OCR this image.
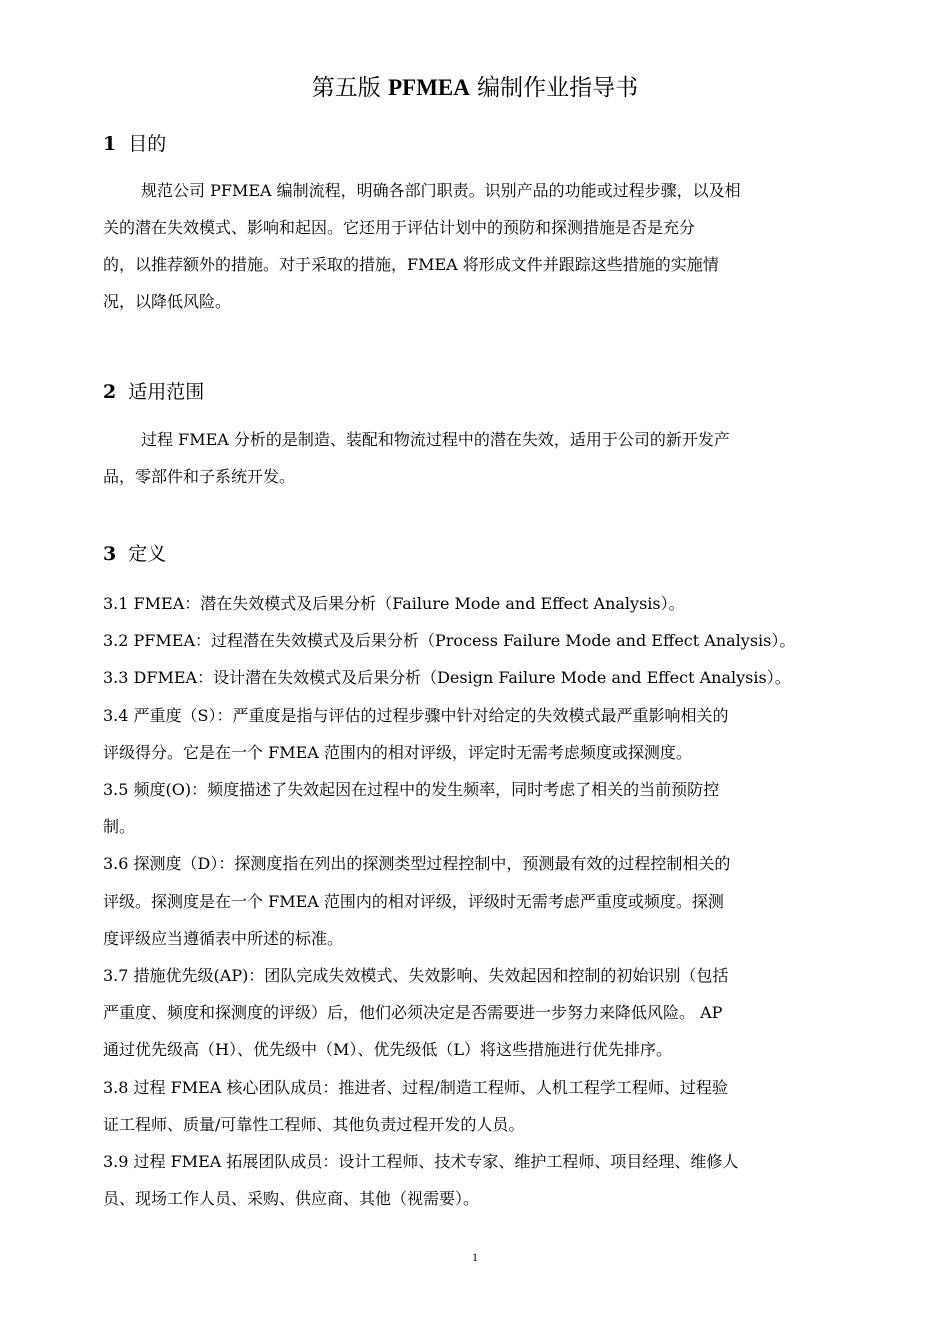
第五版 PFMEA 编制作业指导书
1 目的
规范公司 PFMEA 编制流程，明确各部门职责。识别产品的功能或过程步骤，以及相
关的潜在失效模式、影响和起因。它还用于评估计划中的预防和探测措施是否是充分
的，以推荐额外的措施。对于采取的措施，FMEA 将形成文件并跟踪这些措施的实施情
况，以降低风险。
2 适用范围
过程 FMEA 分析的是制造、装配和物流过程中的潜在失效，适用于公司的新开发产
品，零部件和子系统开发。
3 定义
3.1 FMEA：潜在失效模式及后果分析（Failure Mode and Effect Analysis）。
3.2 PFMEA：过程潜在失效模式及后果分析（Process Failure Mode and Effect Analysis）。
3.3 DFMEA：设计潜在失效模式及后果分析（Design Failure Mode and Effect Analysis）。
3.4 严重度（S）：严重度是指与评估的过程步骤中针对给定的失效模式最严重影响相关的
评级得分。它是在一个 FMEA 范围内的相对评级，评定时无需考虑频度或探测度。
3.5 频度(O)：频度描述了失效起因在过程中的发生频率，同时考虑了相关的当前预防控
制。
3.6 探测度（D）：探测度指在列出的探测类型过程控制中，预测最有效的过程控制相关的
评级。探测度是在一个 FMEA 范围内的相对评级，评级时无需考虑严重度或频度。探测
度评级应当遵循表中所述的标准。
3.7 措施优先级(AP)：团队完成失效模式、失效影响、失效起因和控制的初始识别（包括
严重度、频度和探测度的评级）后，他们必须决定是否需要进一步努力来降低风险。 AP
通过优先级高（H）、优先级中（M）、优先级低（L）将这些措施进行优先排序。
3.8 过程 FMEA 核心团队成员：推进者、过程/制造工程师、人机工程学工程师、过程验
证工程师、质量/可靠性工程师、其他负责过程开发的人员。
3.9 过程 FMEA 拓展团队成员：设计工程师、技术专家、维护工程师、项目经理、维修人
员、现场工作人员、采购、供应商、其他（视需要）。
1
